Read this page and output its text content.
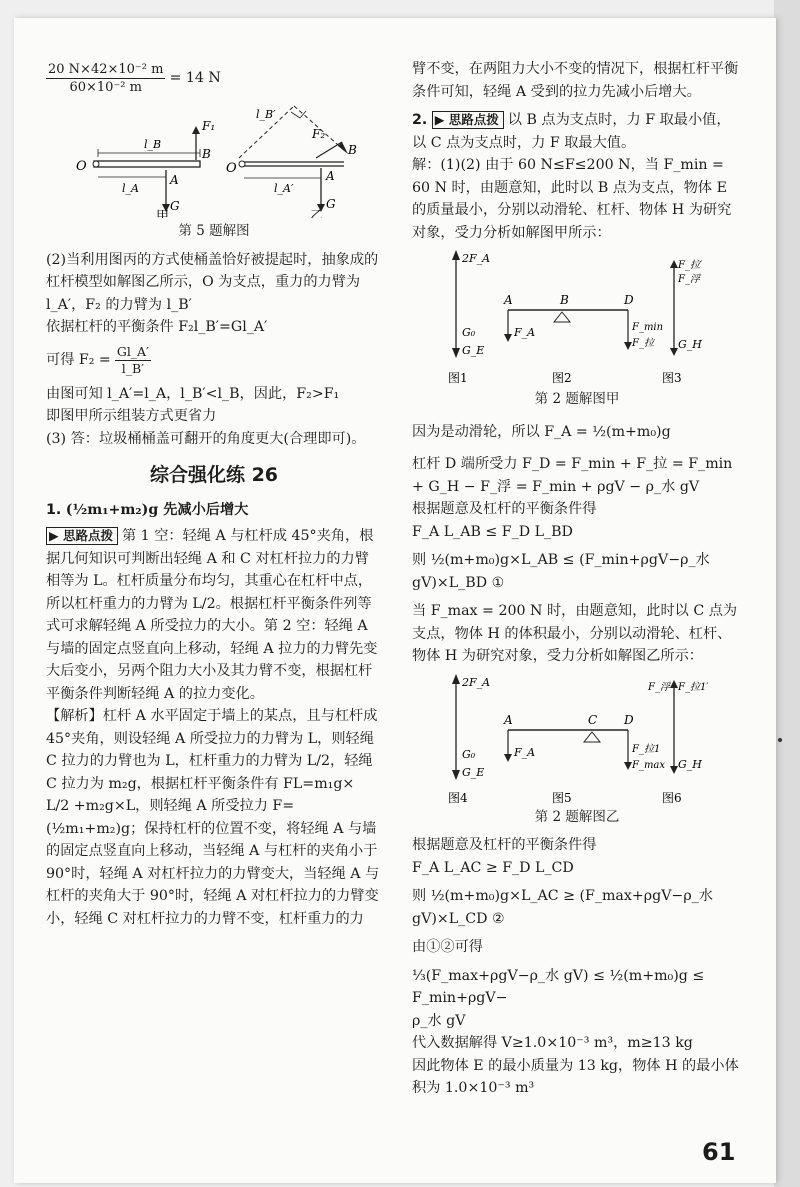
$\frac{\text{20 N×42×10⁻² m}}{\text{60×10⁻² m}} = 14$ N
O
l_B
F₁
B
A
l_A
G
甲
l_B′
F₂
B
O
l_A′
A
G
乙
第 5 题解图

(2)当利用图丙的方式使桶盖恰好被提起时，抽象成的杠杆模型如解图乙所示，O 为支点，重力的力臂为 l_A′，F₂ 的力臂为 l_B′

依据杠杆的平衡条件 F₂l_B′=Gl_A′

可得 $F_2 = \frac{Gl\_A'}{l\_B'}$

由图可知 l_A′=l_A，l_B′<l_B，因此，F₂>F₁

即图甲所示组装方式更省力

(3) 答：垃圾桶桶盖可翻开的角度更大(合理即可)。

综合强化练 26

1. (½m₁+m₂)g 先减小后增大

▶ 思路点拨 第 1 空：轻绳 A 与杠杆成 45°夹角，根据几何知识可判断出轻绳 A 和 C 对杠杆拉力的力臂相等为 L。杠杆质量分布均匀，其重心在杠杆中点，所以杠杆重力的力臂为 L/2。根据杠杆平衡条件列等式可求解轻绳 A 所受拉力的大小。第 2 空：轻绳 A 与墙的固定点竖直向上移动，轻绳 A 拉力的力臂先变大后变小，另两个阻力大小及其力臂不变，根据杠杆平衡条件判断轻绳 A 的拉力变化。

【解析】杠杆 A 水平固定于墙上的某点，且与杠杆成 45°夹角，则设轻绳 A 所受拉力的力臂为 L，则轻绳 C 拉力的力臂也为 L，杠杆重力的力臂为 L/2，轻绳 C 拉力为 m₂g，根据杠杆平衡条件有 FL=m₁g× L/2 +m₂g×L，则轻绳 A 所受拉力 F=(½m₁+m₂)g；保持杠杆的位置不变，将轻绳 A 与墙的固定点竖直向上移动，当轻绳 A 与杠杆的夹角小于 90°时，轻绳 A 对杠杆拉力的力臂变大，当轻绳 A 与杠杆的夹角大于 90°时，轻绳 A 对杠杆拉力的力臂变小，轻绳 C 对杠杆拉力的力臂不变，杠杆重力的力

臂不变，在两阻力大小不变的情况下，根据杠杆平衡条件可知，轻绳 A 受到的拉力先减小后增大。

2. ▶ 思路点拨 以 B 点为支点时，力 F 取最小值，以 C 点为支点时，力 F 取最大值。

解：(1)(2) 由于 60 N≤F≤200 N，当 F_min = 60 N 时，由题意知，此时以 B 点为支点，物体 E 的质量最小，分别以动滑轮、杠杆、物体 H 为研究对象，受力分析如解图甲所示：

2F_A
G₀
G_E
A	B	D
F_A	F_min
F_拉
F_拉′
F_浮
G_H
图1	图2	图3
第 2 题解图甲

因为是动滑轮，所以 F_A = ½(m+m₀)g

杠杆 D 端所受力 F_D = F_min + F_拉 = F_min + G_H − F_浮 = F_min + ρgV − ρ_水 gV

根据题意及杠杆的平衡条件得

F_A L_AB ≤ F_D L_BD

则 ½(m+m₀)g×L_AB ≤ (F_min+ρgV−ρ_水 gV)×L_BD ①

当 F_max = 200 N 时，由题意知，此时以 C 点为支点，物体 H 的体积最小，分别以动滑轮、杠杆、物体 H 为研究对象，受力分析如解图乙所示：

2F_A
G₀
G_E
A	C D
F_A	F_拉1
F_max
F_浮 F_拉1′
G_H
图4	图5	图6
第 2 题解图乙

根据题意及杠杆的平衡条件得

F_A L_AC ≥ F_D L_CD

则 ½(m+m₀)g×L_AC ≥ (F_max+ρgV−ρ_水 gV)×L_CD ②

由①②可得

⅓(F_max+ρgV−ρ_水 gV) ≤ ½(m+m₀)g ≤ F_min+ρgV−

ρ_水 gV

代入数据解得 V≥1.0×10⁻³ m³，m≥13 kg

因此物体 E 的最小质量为 13 kg，物体 H 的最小体积为 1.0×10⁻³ m³

61
